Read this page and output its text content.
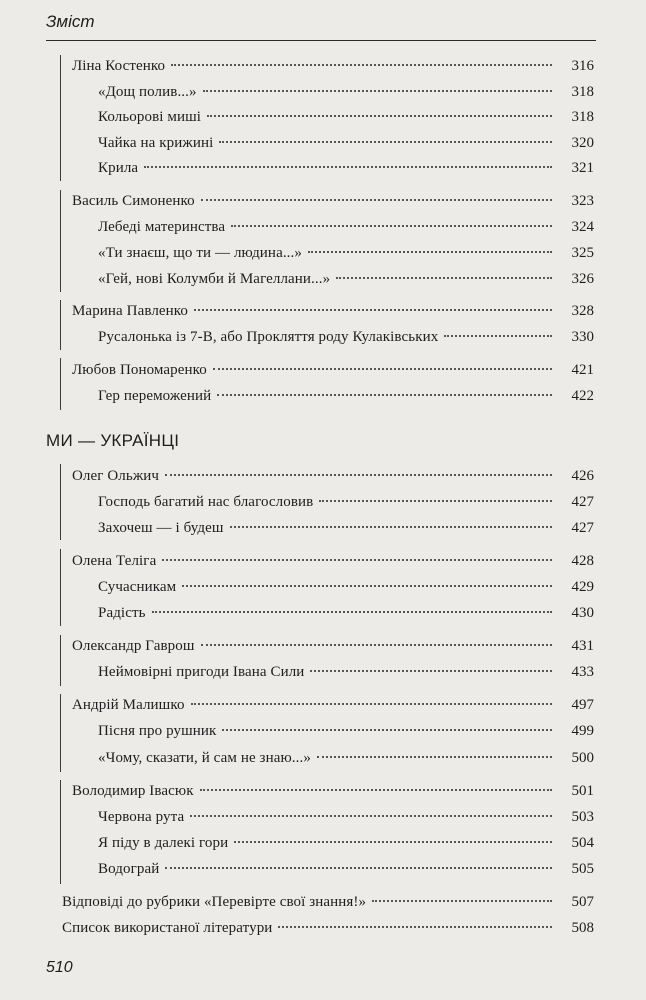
Зміст
Ліна Костенко	316
«Дощ полив...»	318
Кольорові миші	318
Чайка на крижині	320
Крила	321
Василь Симоненко	323
Лебеді материнства	324
«Ти знаєш, що ти — людина...»	325
«Гей, нові Колумби й Магеллани...»	326
Марина Павленко	328
Русалонька із 7-В, або Прокляття роду Кулаківських	330
Любов Пономаренко	421
Гер переможений	422
МИ — УКРАЇНЦІ
Олег Ольжич	426
Господь багатий нас благословив	427
Захочеш — і будеш	427
Олена Теліга	428
Сучасникам	429
Радість	430
Олександр Гаврош	431
Неймовірні пригоди Івана Сили	433
Андрій Малишко	497
Пісня про рушник	499
«Чому, сказати, й сам не знаю...»	500
Володимир Івасюк	501
Червона рута	503
Я піду в далекі гори	504
Водограй	505
Відповіді до рубрики «Перевірте свої знання!»	507
Список використаної літератури	508
510
